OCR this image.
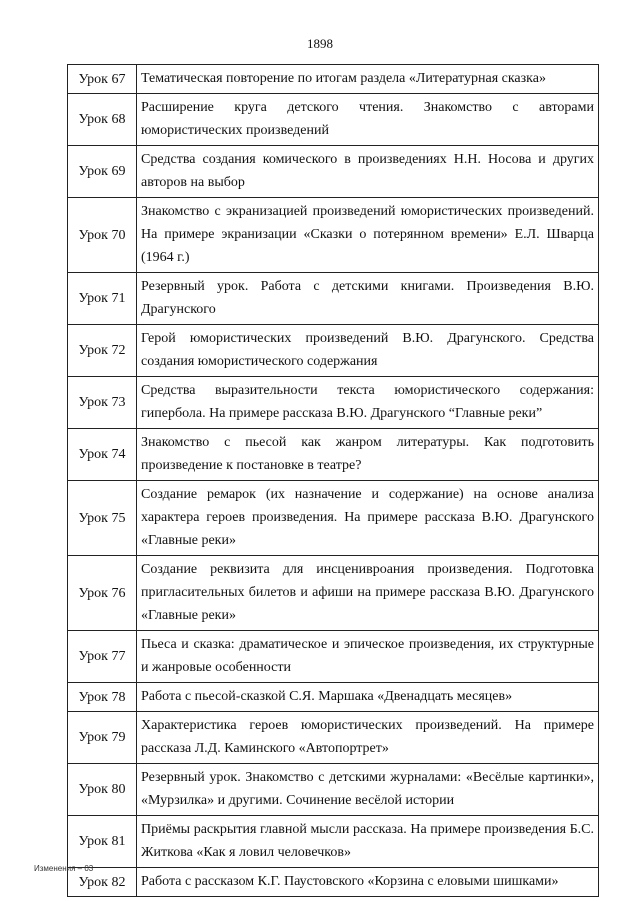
1898
Урок 67	Тематическая повторение по итогам раздела «Литературная сказка»
Урок 68	Расширение круга детского чтения. Знакомство с авторами юмористических произведений
Урок 69	Средства создания комического в произведениях Н.Н. Носова и других авторов на выбор
Урок 70	Знакомство с экранизацией произведений юмористических произведений. На примере экранизации «Сказки о потерянном времени» Е.Л. Шварца (1964 г.)
Урок 71	Резервный урок. Работа с детскими книгами. Произведения В.Ю. Драгунского
Урок 72	Герой юмористических произведений В.Ю. Драгунского. Средства создания юмористического содержания
Урок 73	Средства выразительности текста юмористического содержания: гипербола. На примере рассказа В.Ю. Драгунского “Главные реки”
Урок 74	Знакомство с пьесой как жанром литературы. Как подготовить произведение к постановке в театре?
Урок 75	Создание ремарок (их назначение и содержание) на основе анализа характера героев произведения. На примере рассказа В.Ю. Драгунского «Главные реки»
Урок 76	Создание реквизита для инсценивроания произведения. Подготовка пригласительных билетов и афиши на примере рассказа В.Ю. Драгунского «Главные реки»
Урок 77	Пьеса и сказка: драматическое и эпическое произведения, их структурные и жанровые особенности
Урок 78	Работа с пьесой-сказкой С.Я. Маршака «Двенадцать месяцев»
Урок 79	Характеристика героев юмористических произведений. На примере рассказа Л.Д. Каминского «Автопортрет»
Урок 80	Резервный урок. Знакомство с детскими журналами: «Весёлые картинки», «Мурзилка» и другими. Сочинение весёлой истории
Урок 81	Приёмы раскрытия главной мысли рассказа. На примере произведения Б.С. Житкова «Как я ловил человечков»
Урок 82	Работа с рассказом К.Г. Паустовского «Корзина с еловыми шишками»
Изменения – 03
